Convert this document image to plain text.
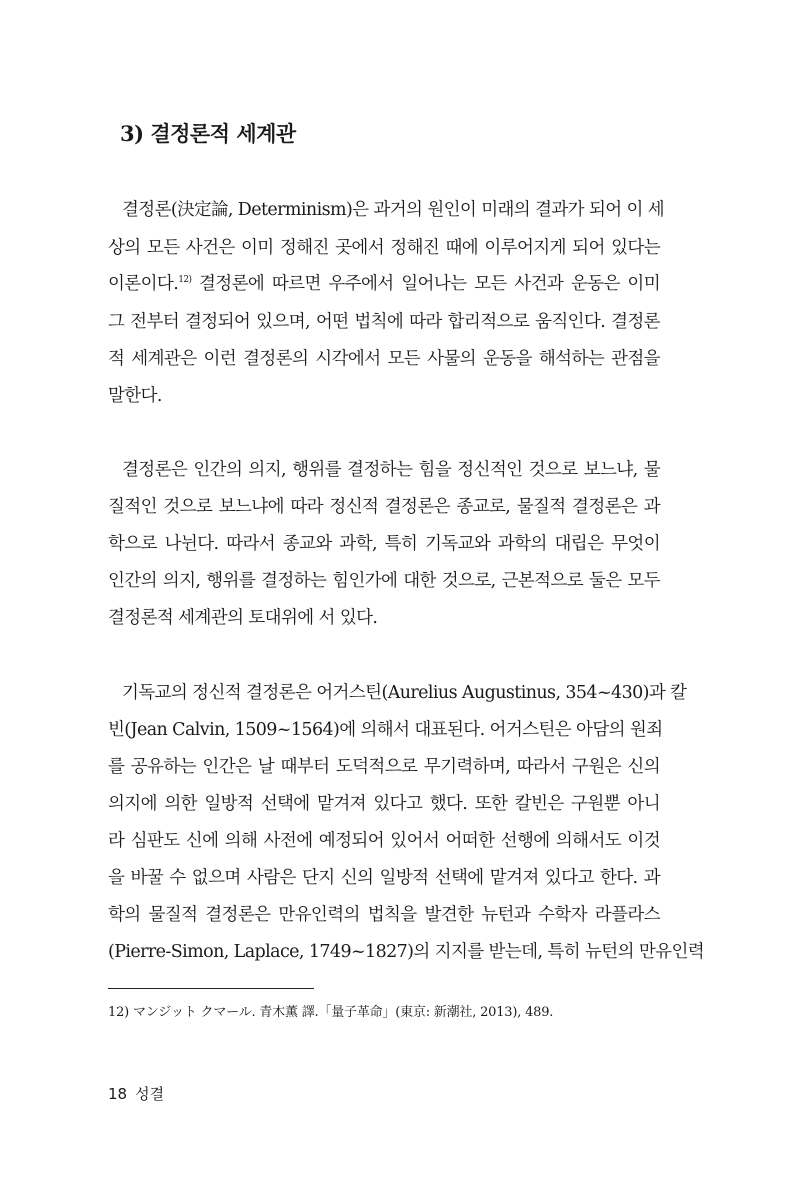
3) 결정론적 세계관
결정론(決定論, Determinism)은 과거의 원인이 미래의 결과가 되어 이 세
상의 모든 사건은 이미 정해진 곳에서 정해진 때에 이루어지게 되어 있다는
이론이다.$^{12)}$ 결정론에 따르면 우주에서 일어나는 모든 사건과 운동은 이미
그 전부터 결정되어 있으며, 어떤 법칙에 따라 합리적으로 움직인다. 결정론
적 세계관은 이런 결정론의 시각에서 모든 사물의 운동을 해석하는 관점을
말한다.
결정론은 인간의 의지, 행위를 결정하는 힘을 정신적인 것으로 보느냐, 물
질적인 것으로 보느냐에 따라 정신적 결정론은 종교로, 물질적 결정론은 과
학으로 나뉜다. 따라서 종교와 과학, 특히 기독교와 과학의 대립은 무엇이
인간의 의지, 행위를 결정하는 힘인가에 대한 것으로, 근본적으로 둘은 모두
결정론적 세계관의 토대위에 서 있다.
기독교의 정신적 결정론은 어거스틴(Aurelius Augustinus, 354~430)과 칼
빈(Jean Calvin, 1509~1564)에 의해서 대표된다. 어거스틴은 아담의 원죄
를 공유하는 인간은 날 때부터 도덕적으로 무기력하며, 따라서 구원은 신의
의지에 의한 일방적 선택에 맡겨져 있다고 했다. 또한 칼빈은 구원뿐 아니
라 심판도 신에 의해 사전에 예정되어 있어서 어떠한 선행에 의해서도 이것
을 바꿀 수 없으며 사람은 단지 신의 일방적 선택에 맡겨져 있다고 한다. 과
학의 물질적 결정론은 만유인력의 법칙을 발견한 뉴턴과 수학자 라플라스
(Pierre-Simon, Laplace, 1749~1827)의 지지를 받는데, 특히 뉴턴의 만유인력
12) マンジット クマール. 青木薫 譯.「量子革命」(東京: 新潮社, 2013), 489.
18 성결
